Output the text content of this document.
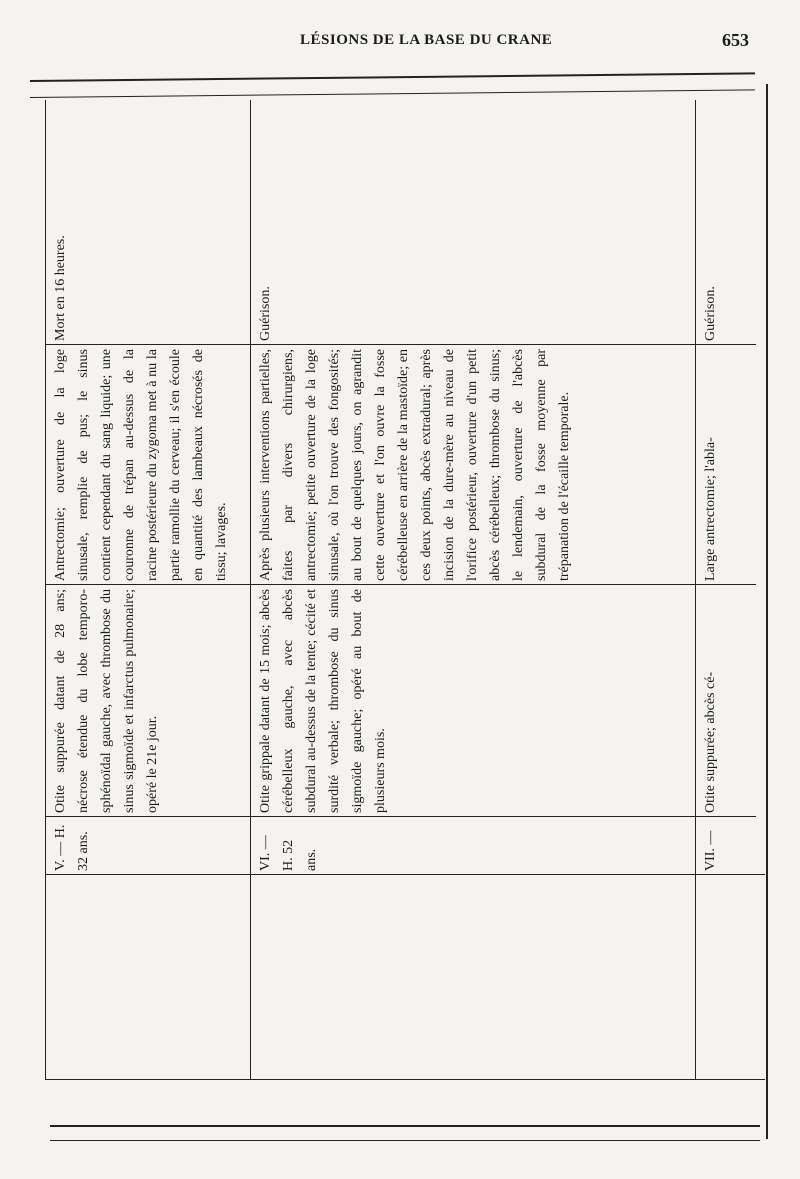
LÉSIONS DE LA BASE DU CRANE	653
V. — H. 32 ans.
Otite suppurée datant de 28 ans; nécrose étendue du lobe temporo-sphénoïdal gauche, avec thrombose du sinus sigmoïde et infarctus pulmonaire; opéré le 21e jour.
Antrectomie; ouverture de la loge sinusale, remplie de pus; le sinus contient cependant du sang liquide; une couronne de trépan au-dessus de la racine postérieure du zygoma met à nu la partie ramollie du cerveau; il s'en écoule en quantité des lambeaux nécrosés de tissu; lavages.
Mort en 16 heures.
VI. — H. 52 ans.
Otite grippale datant de 15 mois; abcès cérébelleux gauche, avec abcès subdural au-dessus de la tente; cécité et surdité verbale; thrombose du sinus sigmoïde gauche; opéré au bout de plusieurs mois.
Après plusieurs interventions partielles, faites par divers chirurgiens, antrectomie; petite ouverture de la loge sinusale, où l'on trouve des fongosités; au bout de quelques jours, on agrandit cette ouverture et l'on ouvre la fosse cérébelleuse en arrière de la mastoïde; en ces deux points, abcès extradural; après incision de la dure-mère au niveau de l'orifice postérieur, ouverture d'un petit abcès cérébelleux; thrombose du sinus; le lendemain, ouverture de l'abcès subdural de la fosse moyenne par trépanation de l'écaille temporale.
Guérison.
VII. —
Otite suppurée; abcès cé-
Large antrectomie; l'abla-
Guérison.
